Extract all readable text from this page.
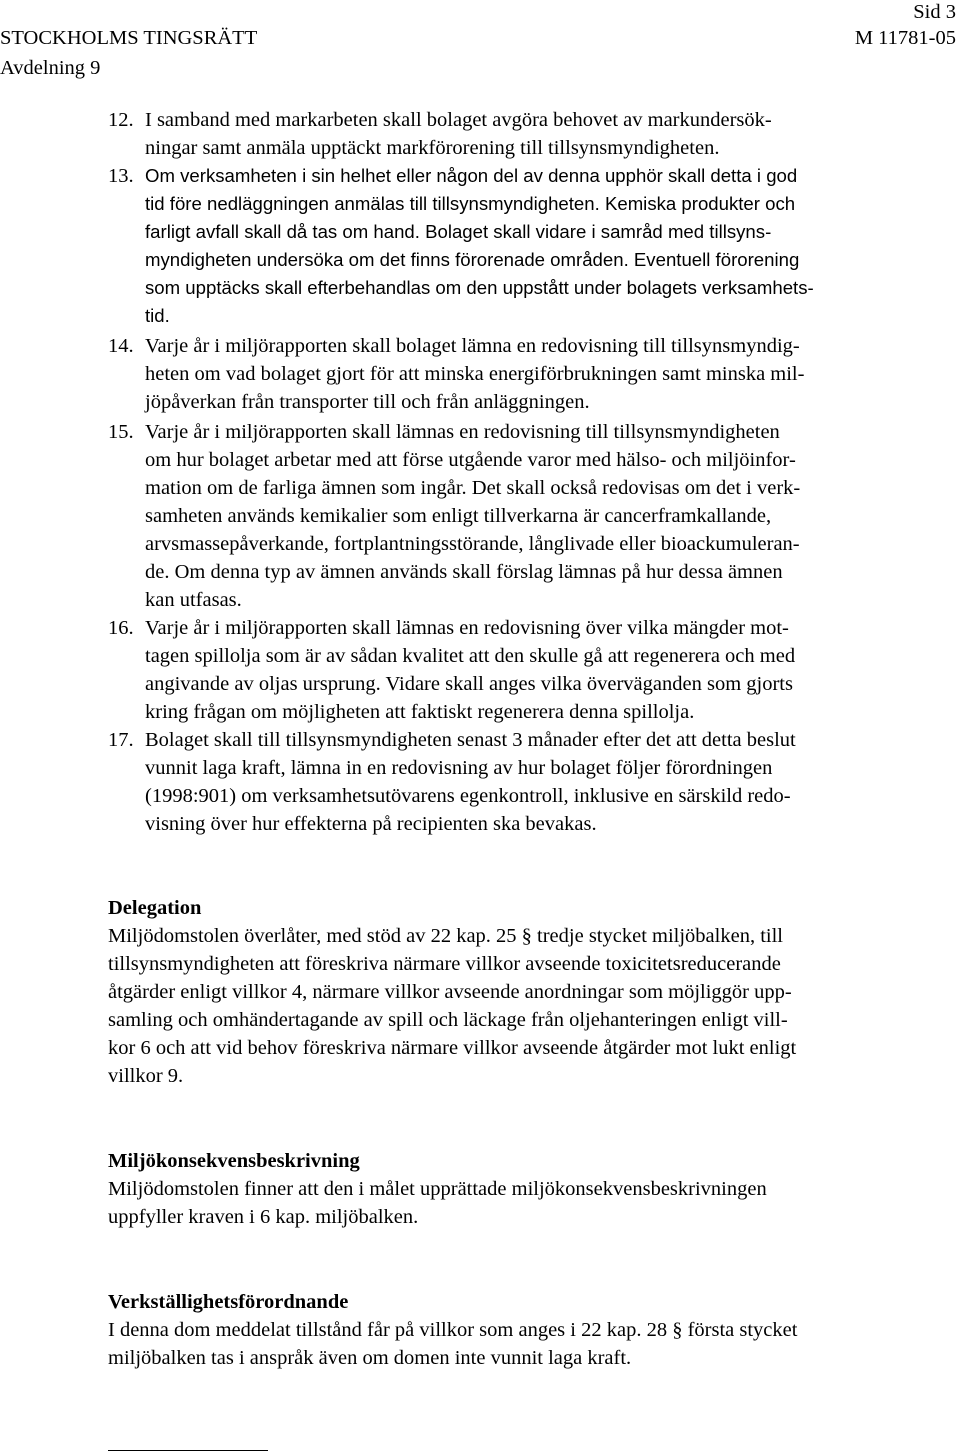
STOCKHOLMS TINGSRÄTT
Avdelning 9
Sid 3
M 11781-05
12. I samband med markarbeten skall bolaget avgöra behovet av markundersök-
ningar samt anmäla upptäckt markförorening till tillsynsmyndigheten.
13. Om verksamheten i sin helhet eller någon del av denna upphör skall detta i god
tid före nedläggningen anmälas till tillsynsmyndigheten. Kemiska produkter och
farligt avfall skall då tas om hand. Bolaget skall vidare i samråd med tillsyns-
myndigheten undersöka om det finns förorenade områden. Eventuell förorening
som upptäcks skall efterbehandlas om den uppstått under bolagets verksamhets-
tid.
14. Varje år i miljörapporten skall bolaget lämna en redovisning till tillsynsmyndig-
heten om vad bolaget gjort för att minska energiförbrukningen samt minska mil-
jöpåverkan från transporter till och från anläggningen.
15. Varje år i miljörapporten skall lämnas en redovisning till tillsynsmyndigheten
om hur bolaget arbetar med att förse utgående varor med hälso- och miljöinfor-
mation om de farliga ämnen som ingår. Det skall också redovisas om det i verk-
samheten används kemikalier som enligt tillverkarna är cancerframkallande,
arvsmassepåverkande, fortplantningsstörande, långlivade eller bioackumuleran-
de. Om denna typ av ämnen används skall förslag lämnas på hur dessa ämnen
kan utfasas.
16. Varje år i miljörapporten skall lämnas en redovisning över vilka mängder mot-
tagen spillolja som är av sådan kvalitet att den skulle gå att regenerera och med
angivande av oljas ursprung. Vidare skall anges vilka överväganden som gjorts
kring frågan om möjligheten att faktiskt regenerera denna spillolja.
17. Bolaget skall till tillsynsmyndigheten senast 3 månader efter det att detta beslut
vunnit laga kraft, lämna in en redovisning av hur bolaget följer förordningen
(1998:901) om verksamhetsutövarens egenkontroll, inklusive en särskild redo-
visning över hur effekterna på recipienten ska bevakas.
Delegation
Miljödomstolen överlåter, med stöd av 22 kap. 25 § tredje stycket miljöbalken, till
tillsynsmyndigheten att föreskriva närmare villkor avseende toxicitetsreducerande
åtgärder enligt villkor 4, närmare villkor avseende anordningar som möjliggör upp-
samling och omhändertagande av spill och läckage från oljehanteringen enligt vill-
kor 6 och att vid behov föreskriva närmare villkor avseende åtgärder mot lukt enligt
villkor 9.
Miljökonsekvensbeskrivning
Miljödomstolen finner att den i målet upprättade miljökonsekvensbeskrivningen
uppfyller kraven i 6 kap. miljöbalken.
Verkställighetsförordnande
I denna dom meddelat tillstånd får på villkor som anges i 22 kap. 28 § första stycket
miljöbalken tas i anspråk även om domen inte vunnit laga kraft.
